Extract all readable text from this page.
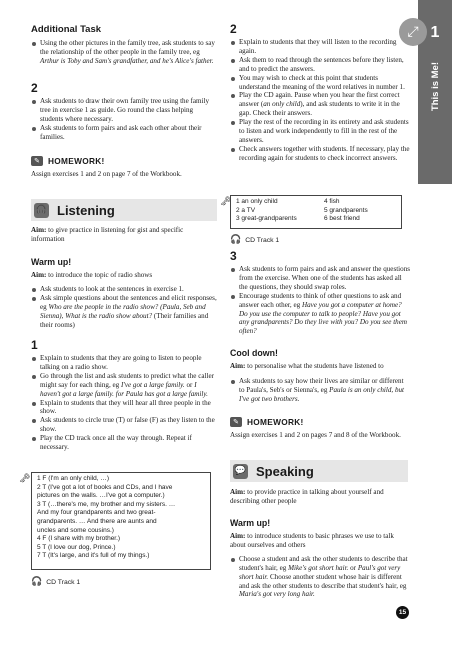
This is Me!
1
⤢
Additional Task
Using the other pictures in the family tree, ask students to say the relationship of the other people in the family tree, eg Arthur is Toby and Sam's grandfather, and he's Alice's father.
2
Ask students to draw their own family tree using the family tree in exercise 1 as guide. Go round the class helping students where necessary.
Ask students to form pairs and ask each other about their families.
✎ HOMEWORK!

Assign exercises 1 and 2 on page 7 of the Workbook.

🎧 Listening

Aim: to give practice in listening for gist and specific information

Warm up!

Aim: to introduce the topic of radio shows

Ask students to look at the sentences in exercise 1.
Ask simple questions about the sentences and elicit responses, eg Who are the people in the radio show? (Paula, Seb and Sienna), What is the radio show about? (Their families and their rooms)
1
Explain to students that they are going to listen to people talking on a radio show.
Go through the list and ask students to predict what the caller might say for each thing, eg I've got a large family. or I haven't got a large family. for Paula has got a large family.
Explain to students that they will hear all three people in the show.
Ask students to circle true (T) or false (F) as they listen to the show.
Play the CD track once all the way through. Repeat if necessary.
🗝 1 F (I'm an only child, …)
2 T (I've got a lot of books and CDs, and I have
pictures on the walls. …I've got a computer.)
3 T (…there's me, my brother and my sisters. …
And my four grandparents and two great-
grandparents. … And there are aunts and
uncles and some cousins.)
4 F (I share with my brother.)
5 T (I love our dog, Prince.)
7 T (It's large, and it's full of my things.)
🎧 CD Track 1
2
Explain to students that they will listen to the recording again.
Ask them to read through the sentences before they listen, and to predict the answers.
You may wish to check at this point that students understand the meaning of the word relatives in number 1.
Play the CD again. Pause when you hear the first correct answer (an only child), and ask students to write it in the gap. Check their answers.
Play the rest of the recording in its entirety and ask students to listen and work independently to fill in the rest of the answers.
Check answers together with students. If necessary, play the recording again for students to check incorrect answers.
🗝 1 an only child
2 a TV
3 great-grandparents
4 fish
5 grandparents
6 best friend
🎧 CD Track 1
3
Ask students to form pairs and ask and answer the questions from the exercise. When one of the students has asked all the questions, they should swap roles.
Encourage students to think of other questions to ask and answer each other, eg Have you got a computer at home? Do you use the computer to talk to people? Have you got any grandparents? Do they live with you? Do you see them often?
Cool down!

Aim: to personalise what the students have listened to

Ask students to say how their lives are similar or different to Paula's, Seb's or Sienna's, eg Paula is an only child, but I've got two brothers.
✎ HOMEWORK!

Assign exercises 1 and 2 on pages 7 and 8 of the Workbook.

💬 Speaking

Aim: to provide practice in talking about yourself and describing other people

Warm up!

Aim: to introduce students to basic phrases we use to talk about ourselves and others

Choose a student and ask the other students to describe that student's hair, eg Mike's got short hair. or Paul's got very short hair. Choose another student whose hair is different and ask the other students to describe that student's hair, eg Maria's got very long hair.
15
